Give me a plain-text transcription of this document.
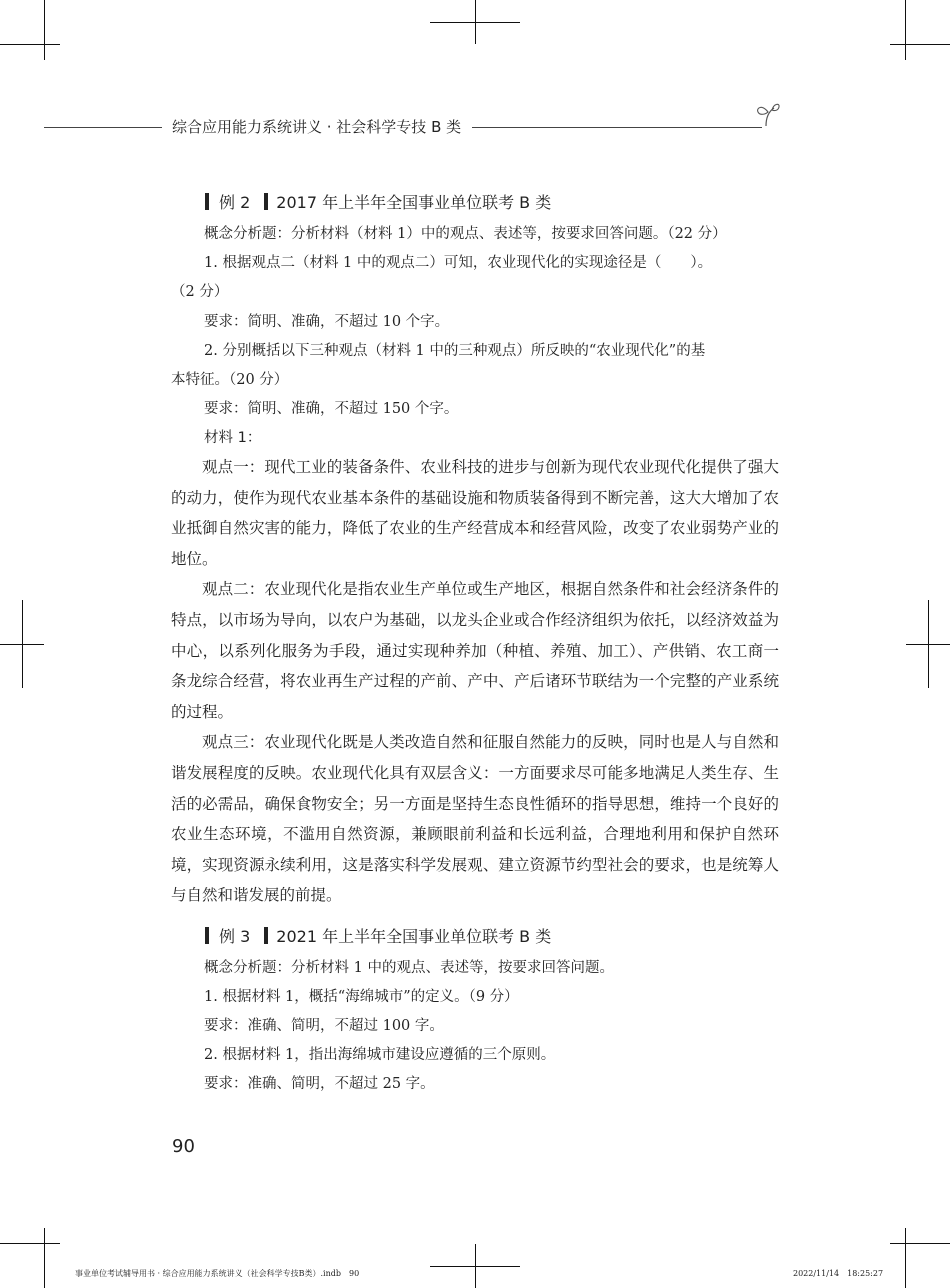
综合应用能力系统讲义 · 社会科学专技 B 类
例 2 2017 年上半年全国事业单位联考 B 类
概念分析题：分析材料（材料 1）中的观点、表述等，按要求回答问题。（22 分）
1. 根据观点二（材料 1 中的观点二）可知，农业现代化的实现途径是（　　）。
（2 分）
要求：简明、准确，不超过 10 个字。
2. 分别概括以下三种观点（材料 1 中的三种观点）所反映的“农业现代化”的基
本特征。（20 分）
要求：简明、准确，不超过 150 个字。
材料 1：

观点一：现代工业的装备条件、农业科技的进步与创新为现代农业现代化提供了强大的动力，使作为现代农业基本条件的基础设施和物质装备得到不断完善，这大大增加了农业抵御自然灾害的能力，降低了农业的生产经营成本和经营风险，改变了农业弱势产业的地位。

观点二：农业现代化是指农业生产单位或生产地区，根据自然条件和社会经济条件的特点，以市场为导向，以农户为基础，以龙头企业或合作经济组织为依托，以经济效益为中心，以系列化服务为手段，通过实现种养加（种植、养殖、加工）、产供销、农工商一条龙综合经营，将农业再生产过程的产前、产中、产后诸环节联结为一个完整的产业系统的过程。

观点三：农业现代化既是人类改造自然和征服自然能力的反映，同时也是人与自然和谐发展程度的反映。农业现代化具有双层含义：一方面要求尽可能多地满足人类生存、生活的必需品，确保食物安全；另一方面是坚持生态良性循环的指导思想，维持一个良好的农业生态环境，不滥用自然资源，兼顾眼前利益和长远利益，合理地利用和保护自然环境，实现资源永续利用，这是落实科学发展观、建立资源节约型社会的要求，也是统筹人与自然和谐发展的前提。

例 3 2021 年上半年全国事业单位联考 B 类
概念分析题：分析材料 1 中的观点、表述等，按要求回答问题。
1. 根据材料 1，概括“海绵城市”的定义。（9 分）
要求：准确、简明，不超过 100 字。
2. 根据材料 1，指出海绵城市建设应遵循的三个原则。
要求：准确、简明，不超过 25 字。
90
事业单位考试辅导用书 · 综合应用能力系统讲义（社会科学专技B类）.indb　90	2022/11/14　18:25:27
